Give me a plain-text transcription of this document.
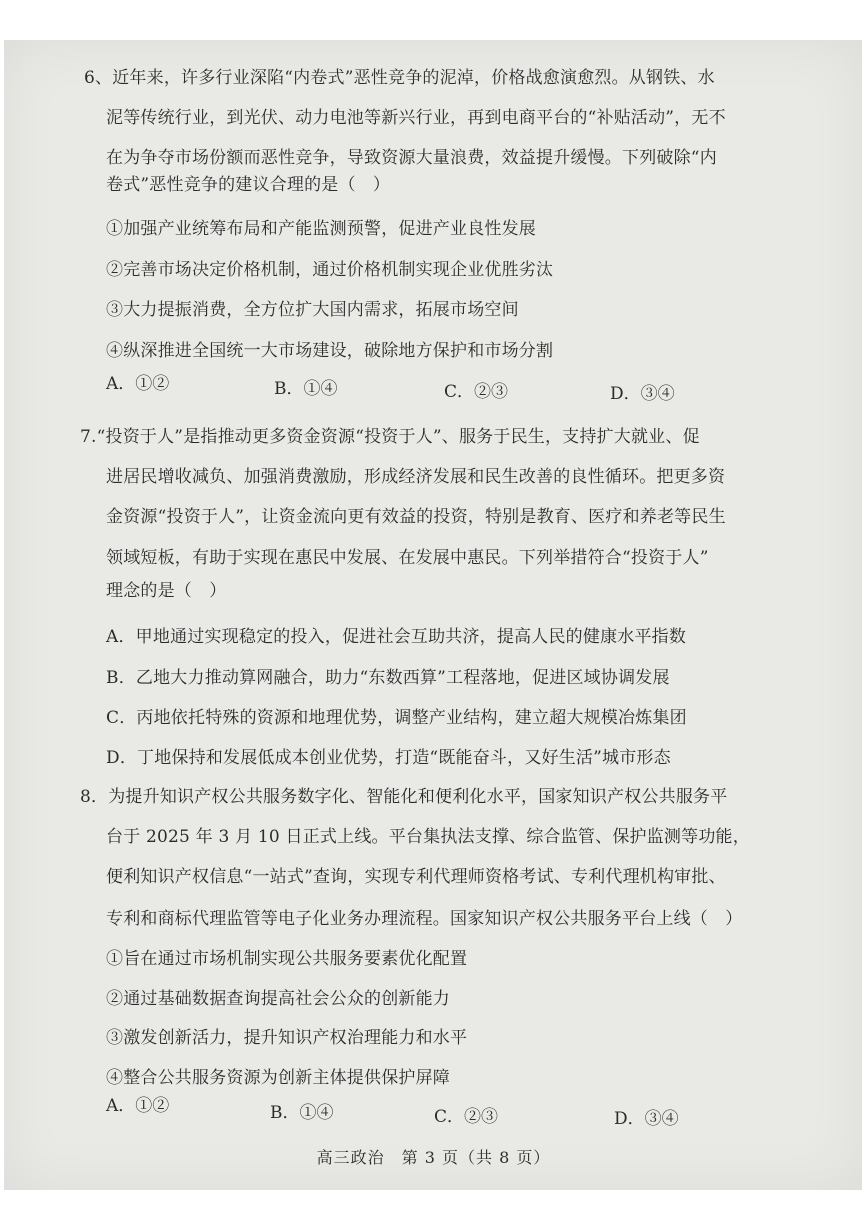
6、近年来，许多行业深陷“内卷式”恶性竞争的泥淖，价格战愈演愈烈。从钢铁、水
泥等传统行业，到光伏、动力电池等新兴行业，再到电商平台的“补贴活动”，无不
在为争夺市场份额而恶性竞争，导致资源大量浪费，效益提升缓慢。下列破除“内
卷式”恶性竞争的建议合理的是（　）
①加强产业统筹布局和产能监测预警，促进产业良性发展
②完善市场决定价格机制，通过价格机制实现企业优胜劣汰
③大力提振消费，全方位扩大国内需求，拓展市场空间
④纵深推进全国统一大市场建设，破除地方保护和市场分割
A．①②	B．①④	C．②③	D．③④
7.“投资于人”是指推动更多资金资源“投资于人”、服务于民生，支持扩大就业、促
进居民增收减负、加强消费激励，形成经济发展和民生改善的良性循环。把更多资
金资源“投资于人”，让资金流向更有效益的投资，特别是教育、医疗和养老等民生
领域短板，有助于实现在惠民中发展、在发展中惠民。下列举措符合“投资于人”
理念的是（　）
A．甲地通过实现稳定的投入，促进社会互助共济，提高人民的健康水平指数
B．乙地大力推动算网融合，助力“东数西算”工程落地，促进区域协调发展
C．丙地依托特殊的资源和地理优势，调整产业结构，建立超大规模冶炼集团
D．丁地保持和发展低成本创业优势，打造“既能奋斗，又好生活”城市形态
8．为提升知识产权公共服务数字化、智能化和便利化水平，国家知识产权公共服务平
台于 2025 年 3 月 10 日正式上线。平台集执法支撑、综合监管、保护监测等功能，
便利知识产权信息“一站式”查询，实现专利代理师资格考试、专利代理机构审批、
专利和商标代理监管等电子化业务办理流程。国家知识产权公共服务平台上线（　）
①旨在通过市场机制实现公共服务要素优化配置
②通过基础数据查询提高社会公众的创新能力
③激发创新活力，提升知识产权治理能力和水平
④整合公共服务资源为创新主体提供保护屏障
A．①②	B．①④	C．②③	D．③④
高三政治　第 3 页（共 8 页）
